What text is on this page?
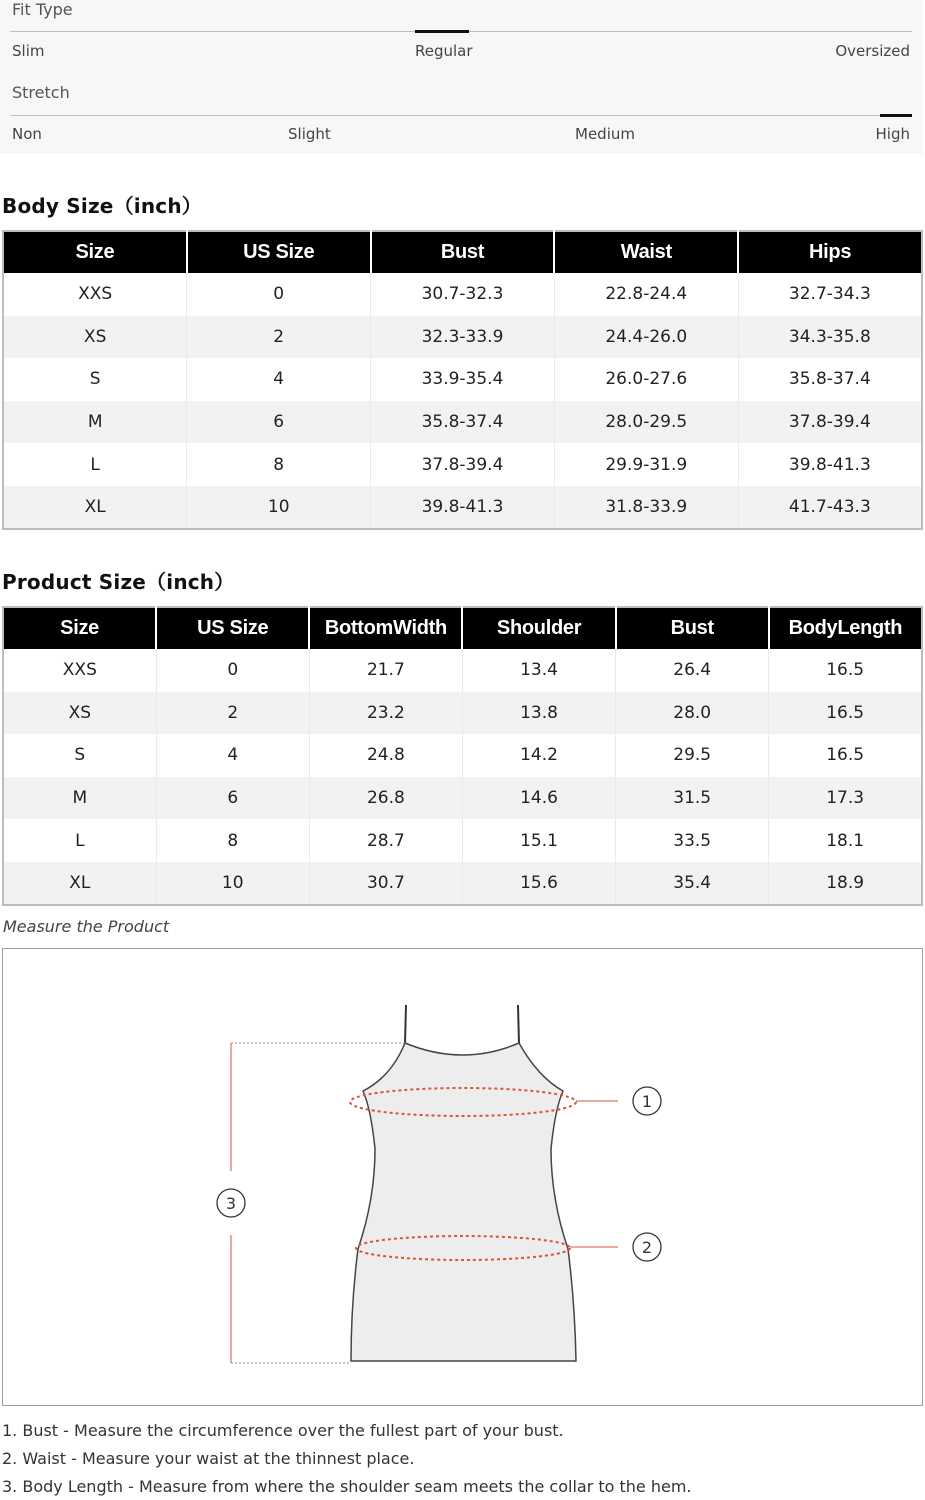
Fit Type
Slim	Regular	Oversized
Stretch
Non	Slight	Medium	High
Body Size（inch）
Size	US Size	Bust	Waist	Hips
XXS	0	30.7-32.3	22.8-24.4	32.7-34.3
XS	2	32.3-33.9	24.4-26.0	34.3-35.8
S	4	33.9-35.4	26.0-27.6	35.8-37.4
M	6	35.8-37.4	28.0-29.5	37.8-39.4
L	8	37.8-39.4	29.9-31.9	39.8-41.3
XL	10	39.8-41.3	31.8-33.9	41.7-43.3
Product Size（inch）
Size	US Size	BottomWidth	Shoulder	Bust	BodyLength
XXS	0	21.7	13.4	26.4	16.5
XS	2	23.2	13.8	28.0	16.5
S	4	24.8	14.2	29.5	16.5
M	6	26.8	14.6	31.5	17.3
L	8	28.7	15.1	33.5	18.1
XL	10	30.7	15.6	35.4	18.9
Measure the Product
1
2
3
1. Bust - Measure the circumference over the fullest part of your bust.
2. Waist - Measure your waist at the thinnest place.
3. Body Length - Measure from where the shoulder seam meets the collar to the hem.
